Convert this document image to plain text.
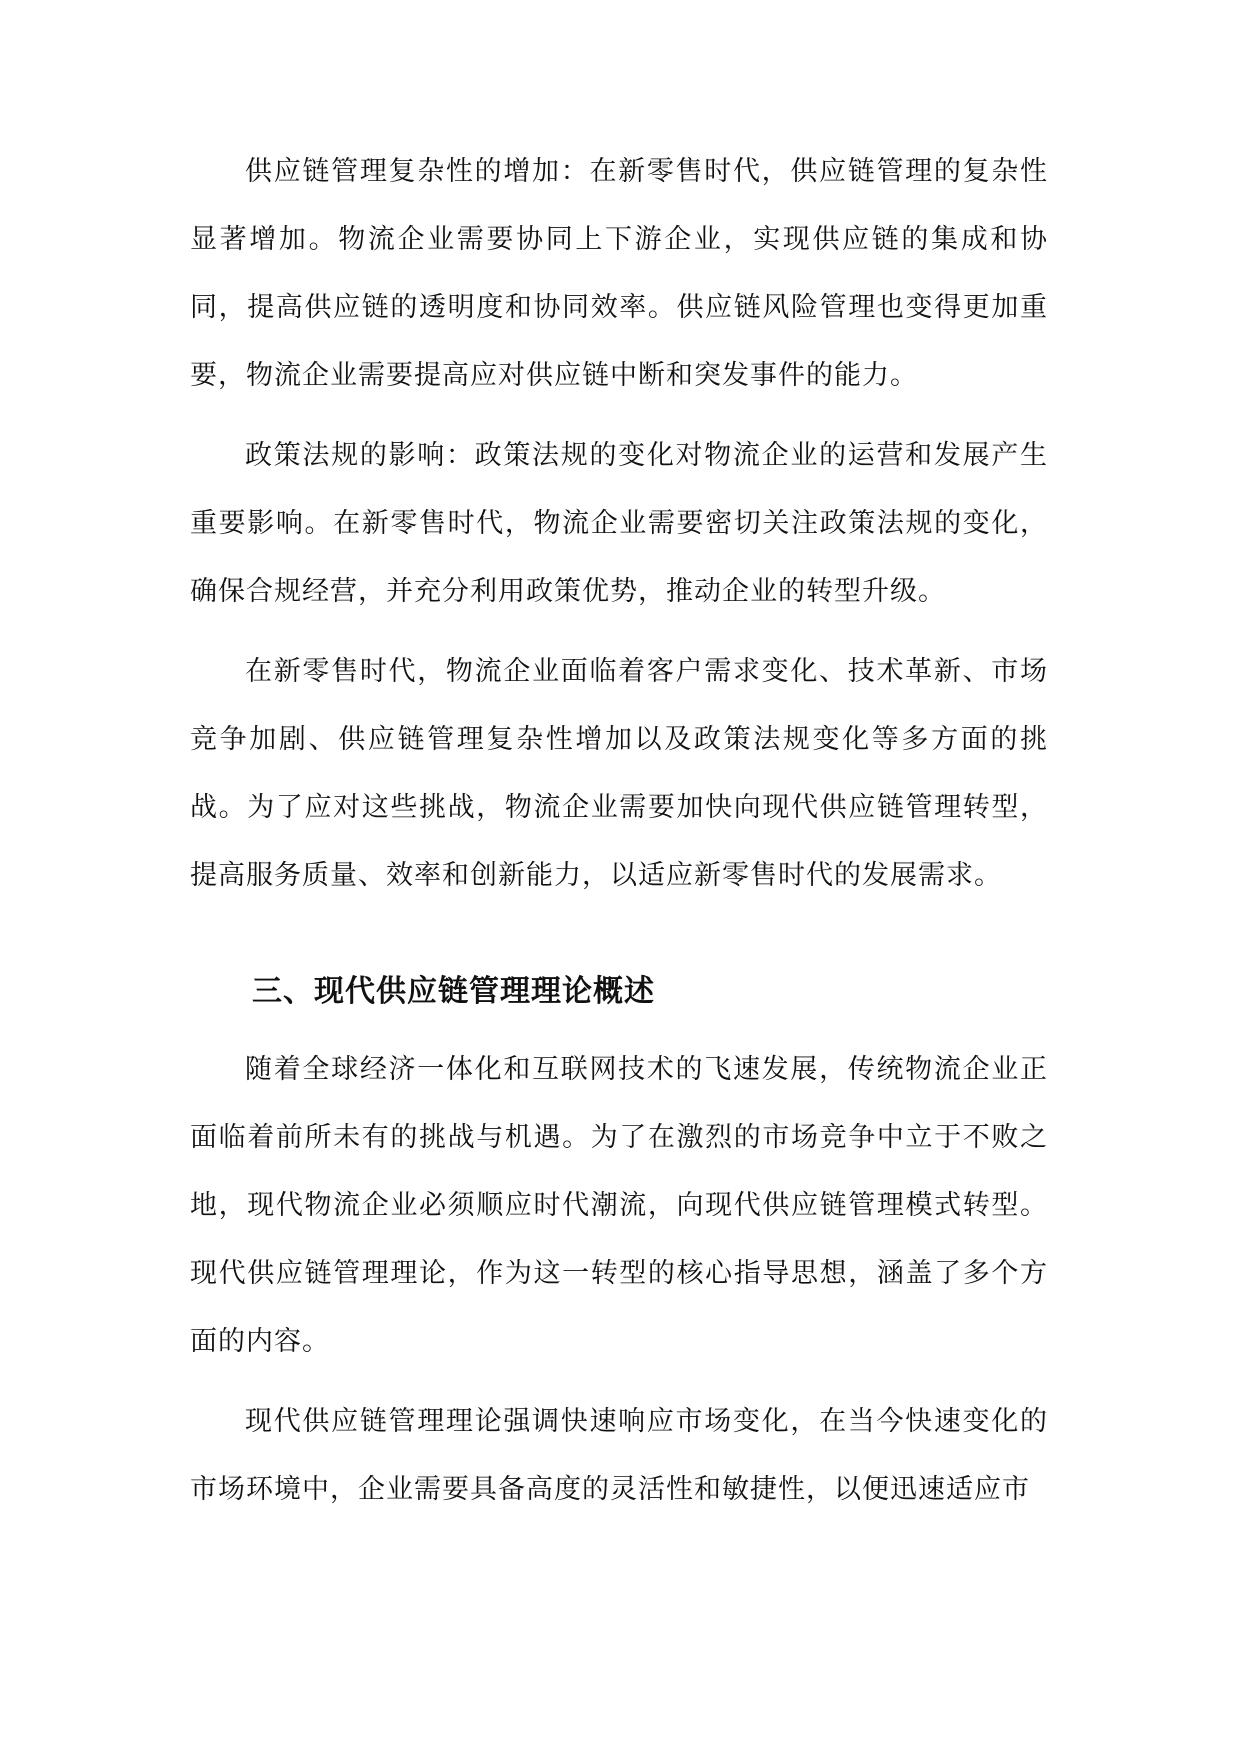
供应链管理复杂性的增加：在新零售时代，供应链管理的复杂性显著增加。物流企业需要协同上下游企业，实现供应链的集成和协同，提高供应链的透明度和协同效率。供应链风险管理也变得更加重要，物流企业需要提高应对供应链中断和突发事件的能力。

政策法规的影响：政策法规的变化对物流企业的运营和发展产生重要影响。在新零售时代，物流企业需要密切关注政策法规的变化，确保合规经营，并充分利用政策优势，推动企业的转型升级。

在新零售时代，物流企业面临着客户需求变化、技术革新、市场竞争加剧、供应链管理复杂性增加以及政策法规变化等多方面的挑战。为了应对这些挑战，物流企业需要加快向现代供应链管理转型，提高服务质量、效率和创新能力，以适应新零售时代的发展需求。

三、现代供应链管理理论概述

随着全球经济一体化和互联网技术的飞速发展，传统物流企业正面临着前所未有的挑战与机遇。为了在激烈的市场竞争中立于不败之地，现代物流企业必须顺应时代潮流，向现代供应链管理模式转型。现代供应链管理理论，作为这一转型的核心指导思想，涵盖了多个方面的内容。

现代供应链管理理论强调快速响应市场变化，在当今快速变化的市场环境中，企业需要具备高度的灵活性和敏捷性，以便迅速适应市
